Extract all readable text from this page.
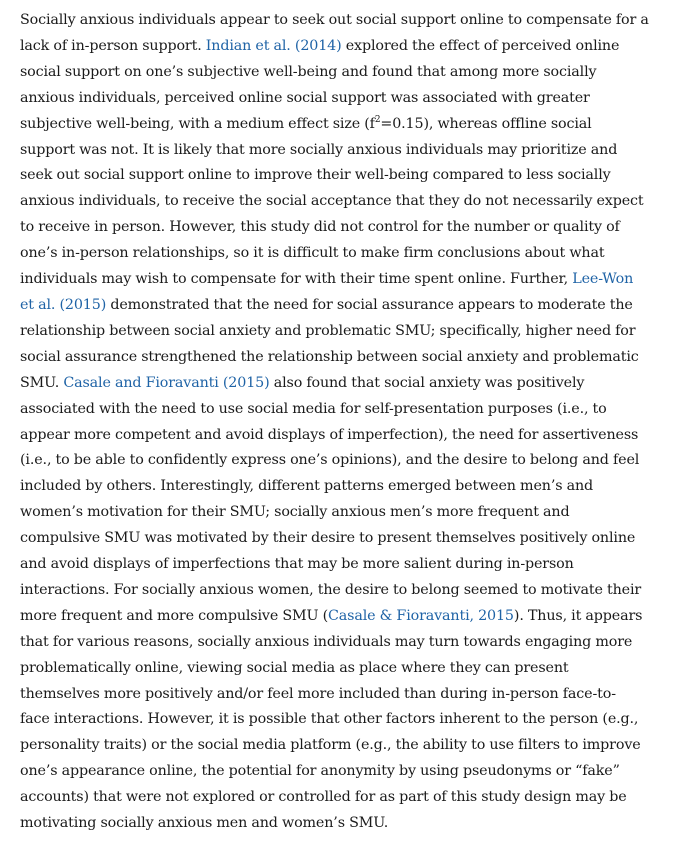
Socially anxious individuals appear to seek out social support online to compensate for a
lack of in-person support. Indian et al. (2014) explored the effect of perceived online
social support on one’s subjective well-being and found that among more socially
anxious individuals, perceived online social support was associated with greater
subjective well-being, with a medium effect size $(f^2=0.15)$, whereas offline social
support was not. It is likely that more socially anxious individuals may prioritize and
seek out social support online to improve their well-being compared to less socially
anxious individuals, to receive the social acceptance that they do not necessarily expect
to receive in person. However, this study did not control for the number or quality of
one’s in-person relationships, so it is difficult to make firm conclusions about what
individuals may wish to compensate for with their time spent online. Further, Lee-Won
et al. (2015) demonstrated that the need for social assurance appears to moderate the
relationship between social anxiety and problematic SMU; specifically, higher need for
social assurance strengthened the relationship between social anxiety and problematic
SMU. Casale and Fioravanti (2015) also found that social anxiety was positively
associated with the need to use social media for self-presentation purposes (i.e., to
appear more competent and avoid displays of imperfection), the need for assertiveness
(i.e., to be able to confidently express one’s opinions), and the desire to belong and feel
included by others. Interestingly, different patterns emerged between men’s and
women’s motivation for their SMU; socially anxious men’s more frequent and
compulsive SMU was motivated by their desire to present themselves positively online
and avoid displays of imperfections that may be more salient during in-person
interactions. For socially anxious women, the desire to belong seemed to motivate their
more frequent and more compulsive SMU (Casale & Fioravanti, 2015). Thus, it appears
that for various reasons, socially anxious individuals may turn towards engaging more
problematically online, viewing social media as place where they can present
themselves more positively and/or feel more included than during in-person face-to-
face interactions. However, it is possible that other factors inherent to the person (e.g.,
personality traits) or the social media platform (e.g., the ability to use filters to improve
one’s appearance online, the potential for anonymity by using pseudonyms or “fake”
accounts) that were not explored or controlled for as part of this study design may be
motivating socially anxious men and women’s SMU.
